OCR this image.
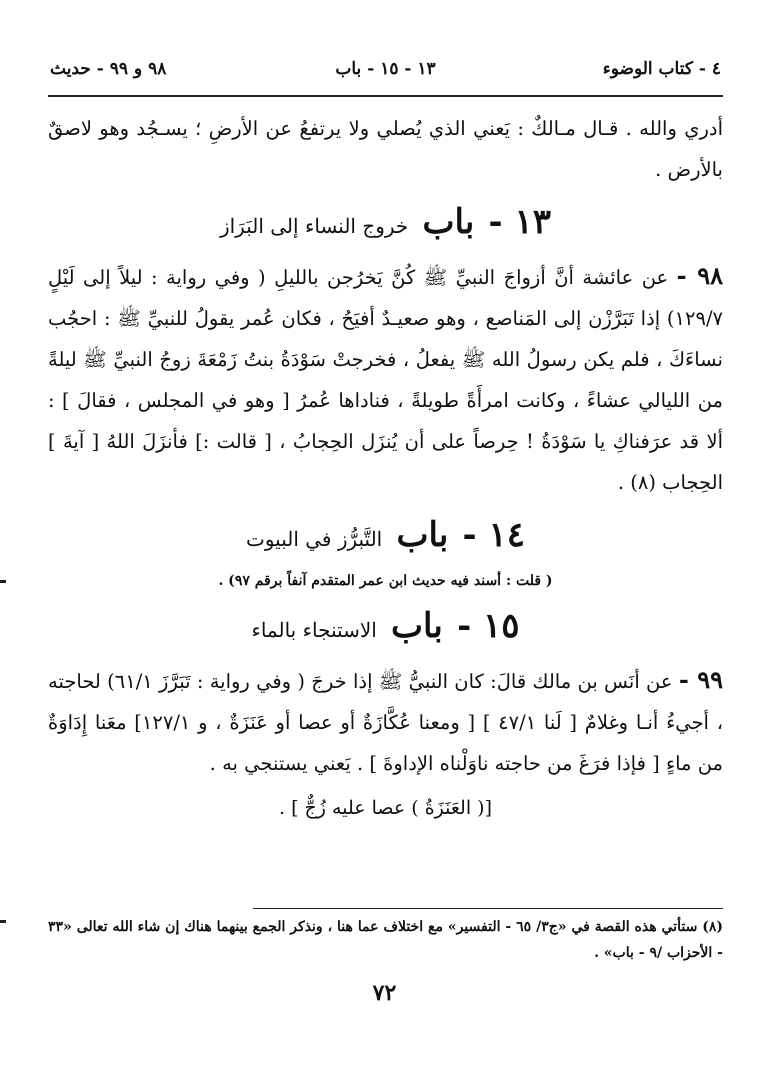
٤ - كتاب الوضوء
١٣ - ١٥ - باب
٩٨ و ٩٩ - حديث

أدري والله . قـال مـالكٌ : يَعني الذي يُصلي ولا يرتفعُ عن الأرضِ ؛ يسـجُد وهو لاصقٌ بالأرض .

١٣ - باب خروج النساء إلى البَرَاز

٩٨ - عن عائشة أنَّ أزواجَ النبيِّ ﷺ كُنَّ يَخرُجن بالليلِ ( وفي رواية : ليلاً إلى لَيْلٍ ١٢٩/٧) إذا تَبَرَّزْن إلى المَناصع ، وهو صعيـدٌ أفيَحُ ، فكان عُمر يقولُ للنبيِّ ﷺ : احجُب نساءَكَ ، فلم يكن رسولُ الله ﷺ يفعلُ ، فخرجتْ سَوْدَةُ بنتُ زَمْعَةَ زوجُ النبيِّ ﷺ ليلةً من الليالي عشاءً ، وكانت امرأَةً طويلةً ، فناداها عُمرُ [ وهو في المجلس ، فقالَ ] : ألا قد عرَفناكِ يا سَوْدَةُ ! حِرصاً على أن يُنزَل الحِجابُ ، [ قالت :] فأنزَلَ اللهُ [ آيةَ ] الحِجاب (٨) .

١٤ - باب التَّبرُّز في البيوت

( قلت : أسند فيه حديث ابن عمر المتقدم آنفاً برقم ٩٧) .

١٥ - باب الاستنجاء بالماء

٩٩ - عن أنَس بن مالك قالَ: كان النبيُّ ﷺ إذا خرجَ ( وفي رواية : تَبَرَّزَ ٦١/١) لحاجته ، أجيءُ أنـا وغلامٌ [ لَنا ٤٧/١ ] [ ومعنا عُكَّازَةٌ أو عصا أو عَنَزَةٌ ، و ١٢٧/١] معَنا إِدَاوَةٌ من ماءٍ [ فإذا فرَغَ من حاجته ناوَلْناه الإداوةَ ] . يَعني يستنجي به .

[( العَنَزَةُ ) عصا عليه زُجٌّ ] .

(٨) ستأتي هذه القصة في «ج٣/ ٦٥ - التفسير» مع اختلاف عما هنا ، ونذكر الجمع بينهما هناك إن شاء الله تعالى «٣٣ - الأحزاب /٩ - باب» .
٧٢
